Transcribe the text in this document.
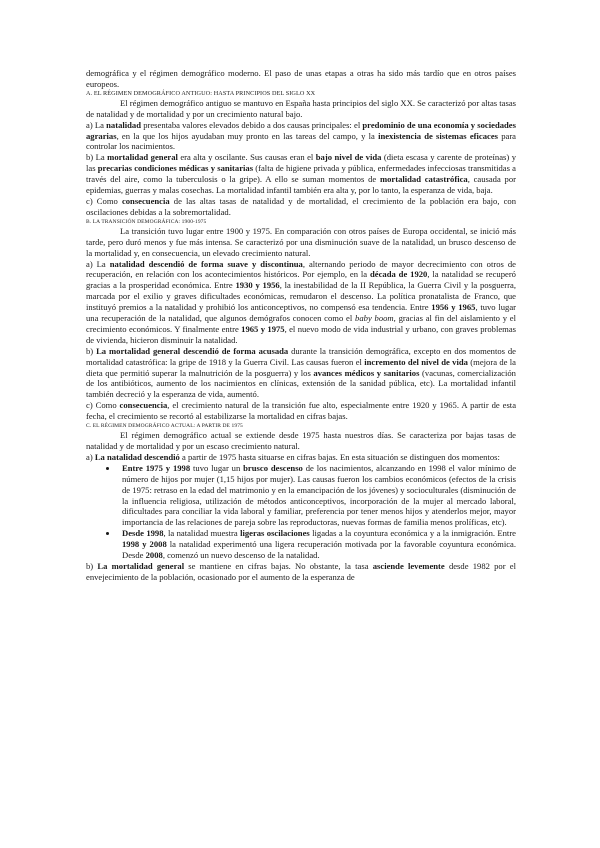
demográfica y el régimen demográfico moderno. El paso de unas etapas a otras ha sido más tardío que en otros países europeos.

A. EL RÉGIMEN DEMOGRÁFICO ANTIGUO: HASTA PRINCIPIOS DEL SIGLO XX

El régimen demográfico antiguo se mantuvo en España hasta principios del siglo XX. Se caracterizó por altas tasas de natalidad y de mortalidad y por un crecimiento natural bajo.

a) La natalidad presentaba valores elevados debido a dos causas principales: el predominio de una economía y sociedades agrarias, en la que los hijos ayudaban muy pronto en las tareas del campo, y la inexistencia de sistemas eficaces para controlar los nacimientos.

b) La mortalidad general era alta y oscilante. Sus causas eran el bajo nivel de vida (dieta escasa y carente de proteínas) y las precarias condiciones médicas y sanitarias (falta de higiene privada y pública, enfermedades infecciosas transmitidas a través del aire, como la tuberculosis o la gripe). A ello se suman momentos de mortalidad catastrófica, causada por epidemias, guerras y malas cosechas. La mortalidad infantil también era alta y, por lo tanto, la esperanza de vida, baja.

c) Como consecuencia de las altas tasas de natalidad y de mortalidad, el crecimiento de la población era bajo, con oscilaciones debidas a la sobremortalidad.

B. LA TRANSICIÓN DEMOGRÁFICA: 1900-1975

La transición tuvo lugar entre 1900 y 1975. En comparación con otros países de Europa occidental, se inició más tarde, pero duró menos y fue más intensa. Se caracterizó por una disminución suave de la natalidad, un brusco descenso de la mortalidad y, en consecuencia, un elevado crecimiento natural.

a) La natalidad descendió de forma suave y discontinua, alternando periodo de mayor decrecimiento con otros de recuperación, en relación con los acontecimientos históricos. Por ejemplo, en la década de 1920, la natalidad se recuperó gracias a la prosperidad económica. Entre 1930 y 1956, la inestabilidad de la II República, la Guerra Civil y la posguerra, marcada por el exilio y graves dificultades económicas, remudaron el descenso. La política pronatalista de Franco, que instituyó premios a la natalidad y prohibió los anticonceptivos, no compensó esa tendencia. Entre 1956 y 1965, tuvo lugar una recuperación de la natalidad, que algunos demógrafos conocen como el baby boom, gracias al fin del aislamiento y el crecimiento económicos. Y finalmente entre 1965 y 1975, el nuevo modo de vida industrial y urbano, con graves problemas de vivienda, hicieron disminuir la natalidad.

b) La mortalidad general descendió de forma acusada durante la transición demográfica, excepto en dos momentos de mortalidad catastrófica: la gripe de 1918 y la Guerra Civil. Las causas fueron el incremento del nivel de vida (mejora de la dieta que permitió superar la malnutrición de la posguerra) y los avances médicos y sanitarios (vacunas, comercialización de los antibióticos, aumento de los nacimientos en clínicas, extensión de la sanidad pública, etc). La mortalidad infantil también decreció y la esperanza de vida, aumentó.

c) Como consecuencia, el crecimiento natural de la transición fue alto, especialmente entre 1920 y 1965. A partir de esta fecha, el crecimiento se recortó al estabilizarse la mortalidad en cifras bajas.

C. EL RÉGIMEN DEMOGRÁFICO ACTUAL: A PARTIR DE 1975

El régimen demográfico actual se extiende desde 1975 hasta nuestros días. Se caracteriza por bajas tasas de natalidad y de mortalidad y por un escaso crecimiento natural.

a) La natalidad descendió a partir de 1975 hasta situarse en cifras bajas. En esta situación se distinguen dos momentos:

• Entre 1975 y 1998 tuvo lugar un brusco descenso de los nacimientos, alcanzando en 1998 el valor mínimo de número de hijos por mujer (1,15 hijos por mujer). Las causas fueron los cambios económicos (efectos de la crisis de 1975: retraso en la edad del matrimonio y en la emancipación de los jóvenes) y socioculturales (disminución de la influencia religiosa, utilización de métodos anticonceptivos, incorporación de la mujer al mercado laboral, dificultades para conciliar la vida laboral y familiar, preferencia por tener menos hijos y atenderlos mejor, mayor importancia de las relaciones de pareja sobre las reproductoras, nuevas formas de familia menos prolíficas, etc).
• Desde 1998, la natalidad muestra ligeras oscilaciones ligadas a la coyuntura económica y a la inmigración. Entre 1998 y 2008 la natalidad experimentó una ligera recuperación motivada por la favorable coyuntura económica. Desde 2008, comenzó un nuevo descenso de la natalidad.

b) La mortalidad general se mantiene en cifras bajas. No obstante, la tasa asciende levemente desde 1982 por el envejecimiento de la población, ocasionado por el aumento de la esperanza de
